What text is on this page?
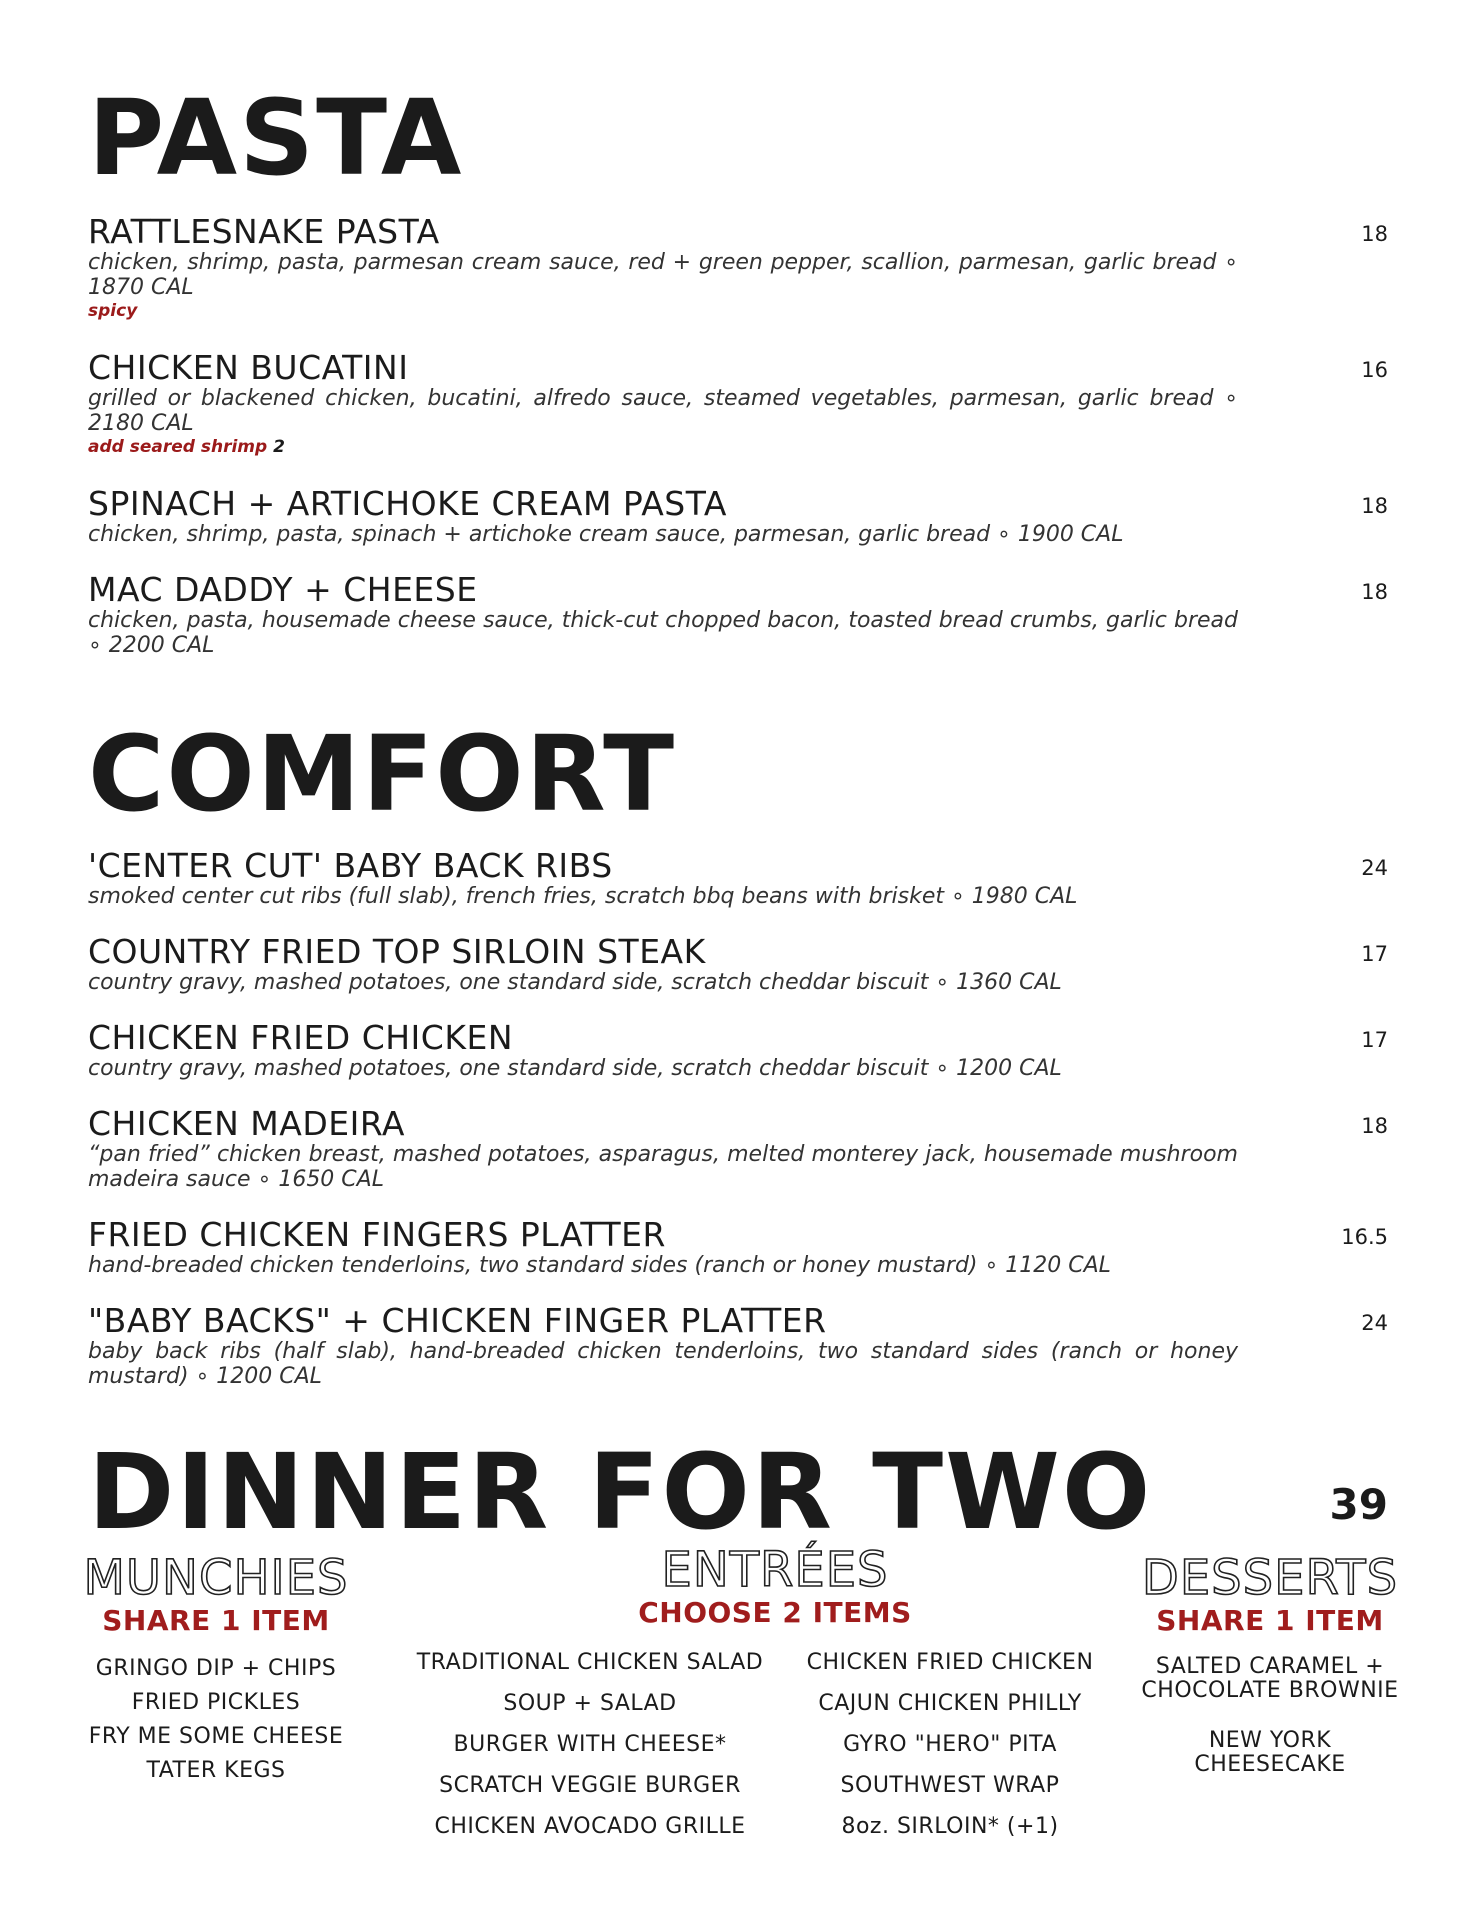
PASTA
RATTLESNAKE PASTA
chicken, shrimp, pasta, parmesan cream sauce, red + green pepper, scallion, parmesan, garlic bread ∘ 1870 CAL
spicy
18
CHICKEN BUCATINI
grilled or blackened chicken, bucatini, alfredo sauce, steamed vegetables, parmesan, garlic bread ∘ 2180 CAL
add seared shrimp 2
16
SPINACH + ARTICHOKE CREAM PASTA
chicken, shrimp, pasta, spinach + artichoke cream sauce, parmesan, garlic bread ∘ 1900 CAL
18
MAC DADDY + CHEESE
chicken, pasta, housemade cheese sauce, thick-cut chopped bacon, toasted bread crumbs, garlic bread ∘ 2200 CAL
18
COMFORT
'CENTER CUT' BABY BACK RIBS
smoked center cut ribs (full slab), french fries, scratch bbq beans with brisket ∘ 1980 CAL
24
COUNTRY FRIED TOP SIRLOIN STEAK
country gravy, mashed potatoes, one standard side, scratch cheddar biscuit ∘ 1360 CAL
17
CHICKEN FRIED CHICKEN
country gravy, mashed potatoes, one standard side, scratch cheddar biscuit ∘ 1200 CAL
17
CHICKEN MADEIRA
“pan fried” chicken breast, mashed potatoes, asparagus, melted monterey jack, housemade mushroom madeira sauce ∘ 1650 CAL
18
FRIED CHICKEN FINGERS PLATTER
hand-breaded chicken tenderloins, two standard sides (ranch or honey mustard) ∘ 1120 CAL
16.5
"BABY BACKS" + CHICKEN FINGER PLATTER
baby back ribs (half slab), hand-breaded chicken tenderloins, two standard sides (ranch or honey mustard) ∘ 1200 CAL
24
DINNER FOR TWO	39
MUNCHIES
SHARE 1 ITEM
GRINGO DIP + CHIPS
FRIED PICKLES
FRY ME SOME CHEESE
TATER KEGS
ENTRÉES
CHOOSE 2 ITEMS
TRADITIONAL CHICKEN SALAD
SOUP + SALAD
BURGER WITH CHEESE*
SCRATCH VEGGIE BURGER
CHICKEN AVOCADO GRILLE
CHICKEN FRIED CHICKEN
CAJUN CHICKEN PHILLY
GYRO "HERO" PITA
SOUTHWEST WRAP
8oz. SIRLOIN* (+1)
DESSERTS
SHARE 1 ITEM
SALTED CARAMEL + CHOCOLATE BROWNIE
NEW YORK CHEESECAKE
